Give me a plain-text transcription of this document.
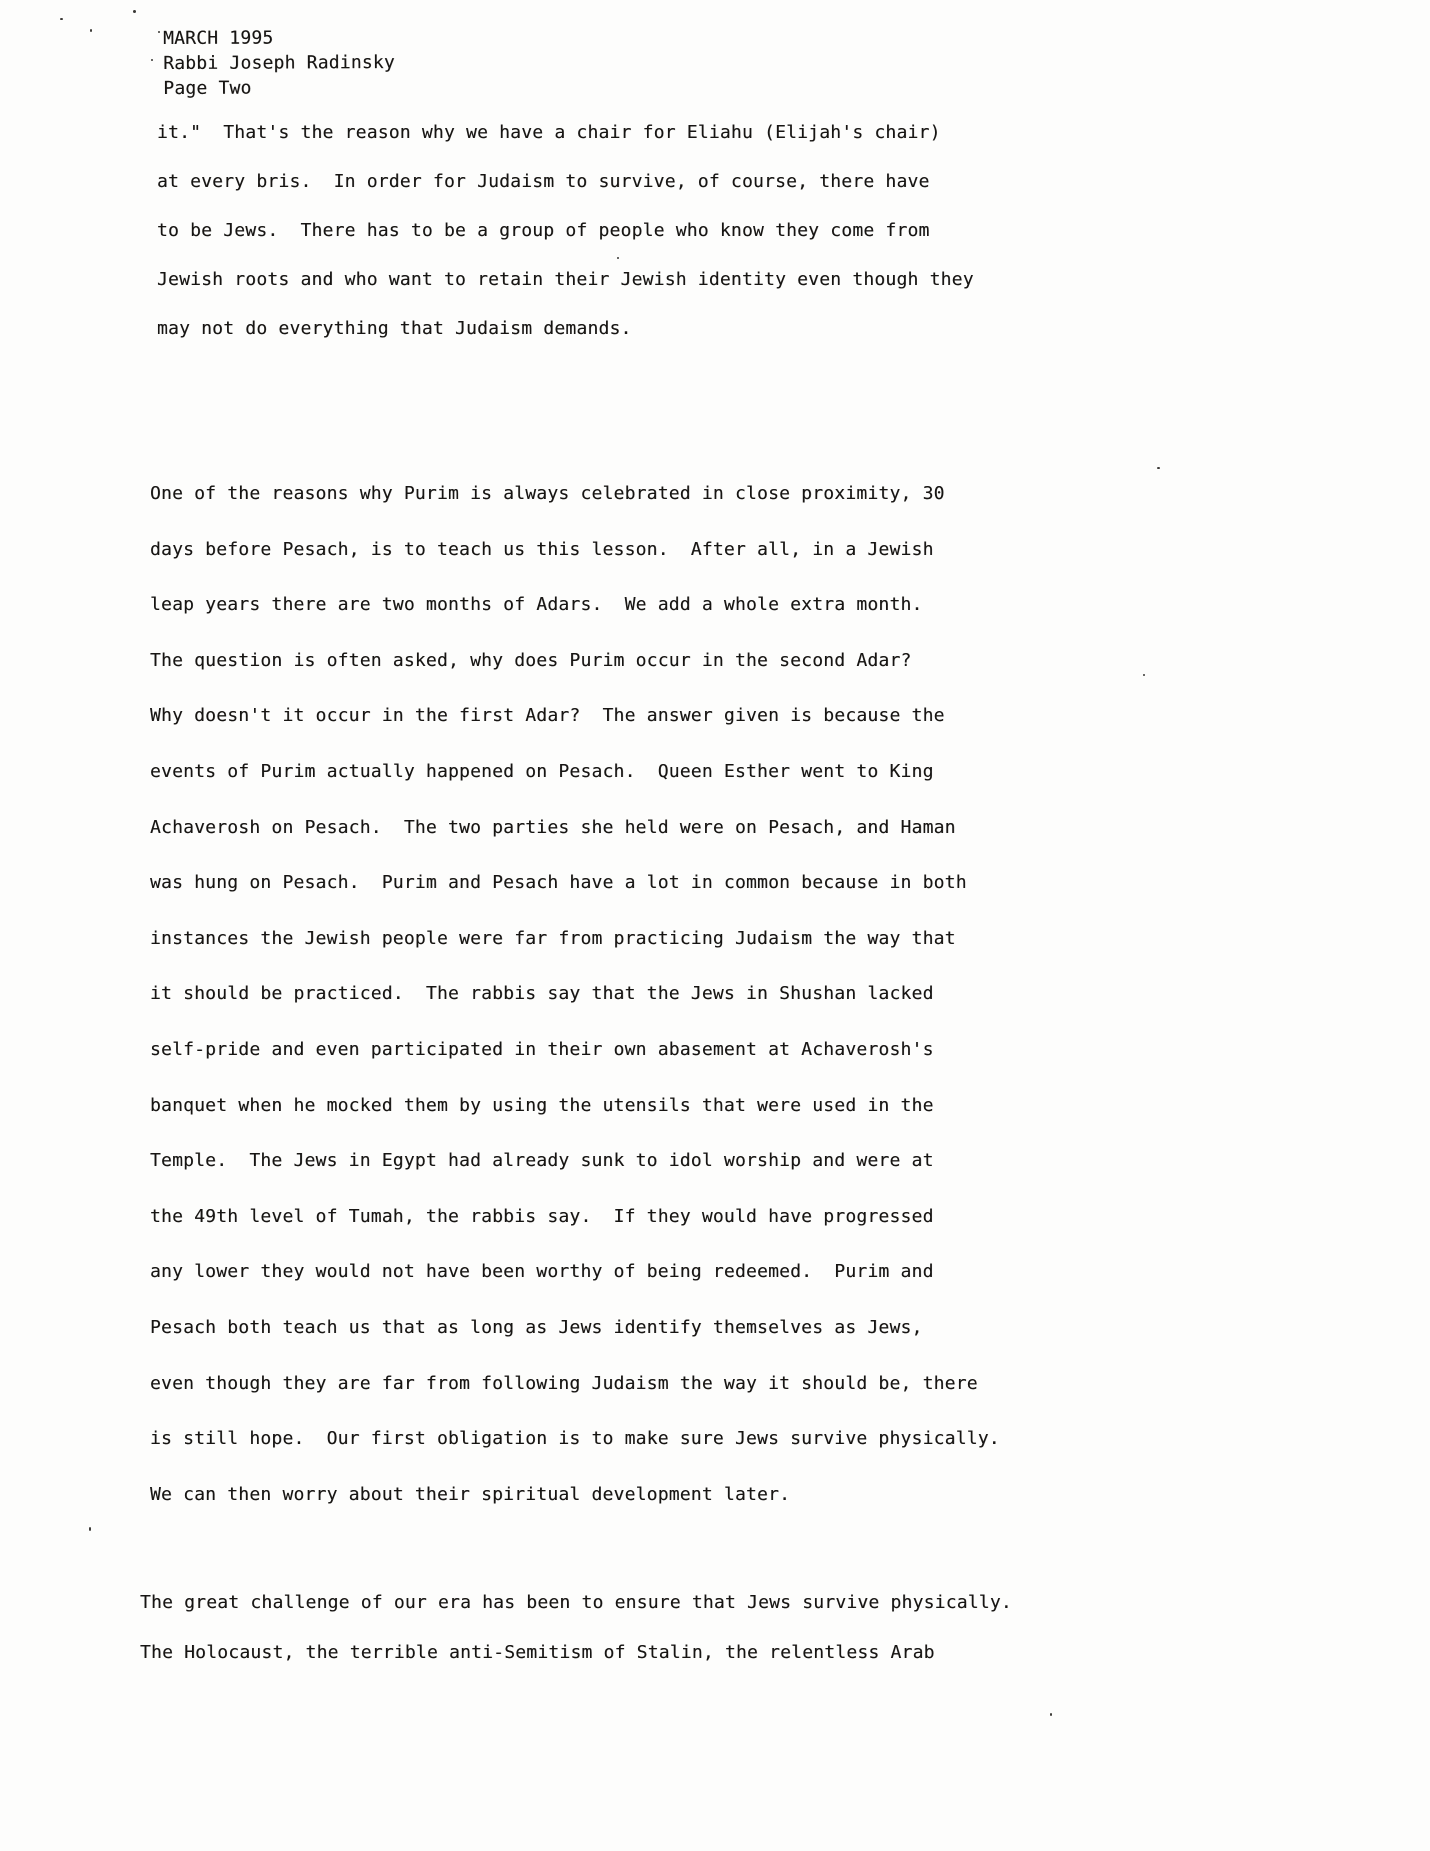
MARCH 1995
Rabbi Joseph Radinsky
Page Two
it."  That's the reason why we have a chair for Eliahu (Elijah's chair)
at every bris.  In order for Judaism to survive, of course, there have
to be Jews.  There has to be a group of people who know they come from
Jewish roots and who want to retain their Jewish identity even though they
may not do everything that Judaism demands.
One of the reasons why Purim is always celebrated in close proximity, 30
days before Pesach, is to teach us this lesson.  After all, in a Jewish
leap years there are two months of Adars.  We add a whole extra month.
The question is often asked, why does Purim occur in the second Adar?
Why doesn't it occur in the first Adar?  The answer given is because the
events of Purim actually happened on Pesach.  Queen Esther went to King
Achaverosh on Pesach.  The two parties she held were on Pesach, and Haman
was hung on Pesach.  Purim and Pesach have a lot in common because in both
instances the Jewish people were far from practicing Judaism the way that
it should be practiced.  The rabbis say that the Jews in Shushan lacked
self-pride and even participated in their own abasement at Achaverosh's
banquet when he mocked them by using the utensils that were used in the
Temple.  The Jews in Egypt had already sunk to idol worship and were at
the 49th level of Tumah, the rabbis say.  If they would have progressed
any lower they would not have been worthy of being redeemed.  Purim and
Pesach both teach us that as long as Jews identify themselves as Jews,
even though they are far from following Judaism the way it should be, there
is still hope.  Our first obligation is to make sure Jews survive physically.
We can then worry about their spiritual development later.
The great challenge of our era has been to ensure that Jews survive physically.
The Holocaust, the terrible anti-Semitism of Stalin, the relentless Arab
